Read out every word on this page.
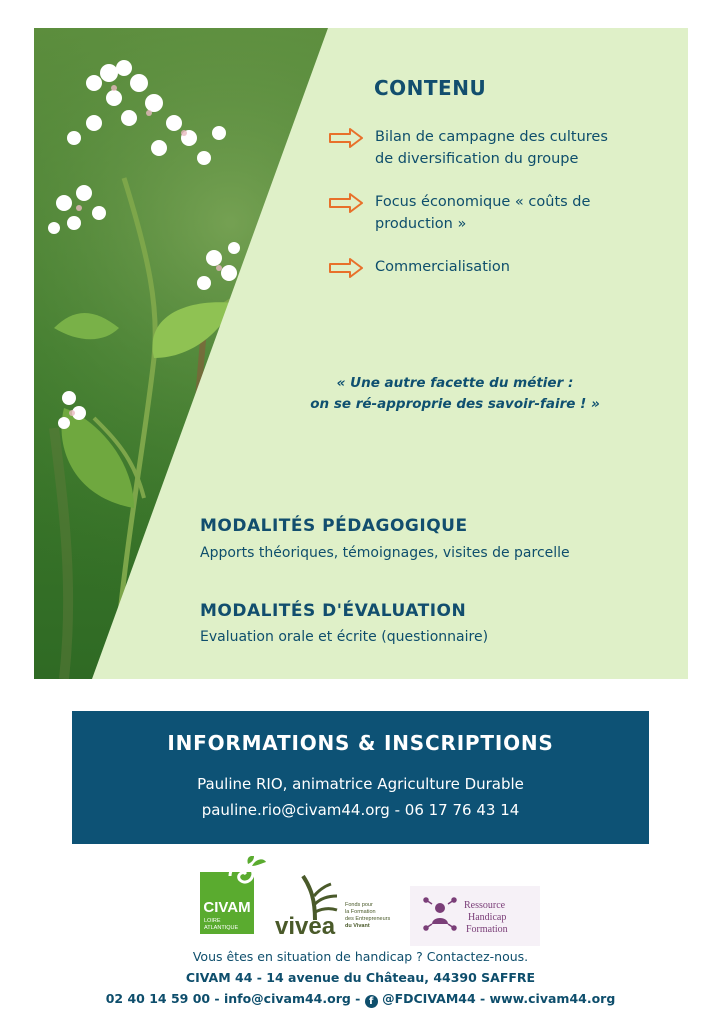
CONTENU
Bilan de campagne des cultures de diversification du groupe
Focus économique « coûts de production »
Commercialisation
« Une autre facette du métier :
on se ré-approprie des savoir-faire ! »
MODALITÉS PÉDAGOGIQUE

Apports théoriques, témoignages, visites de parcelle

MODALITÉS D'ÉVALUATION

Evaluation orale et écrite (questionnaire)

INFORMATIONS & INSCRIPTIONS

Pauline RIO, animatrice Agriculture Durable

pauline.rio@civam44.org - 06 17 76 43 14

CIVAM
LOIRE
ATLANTIQUE vivea
Fonds pour
la Formation
des Entrepreneurs
du Vivant
Ressource
Handicap
Formation

Vous êtes en situation de handicap ? Contactez-nous.

CIVAM 44 - 14 avenue du Château, 44390 SAFFRE

02 40 14 59 00 - info@civam44.org - f @FDCIVAM44 - www.civam44.org
